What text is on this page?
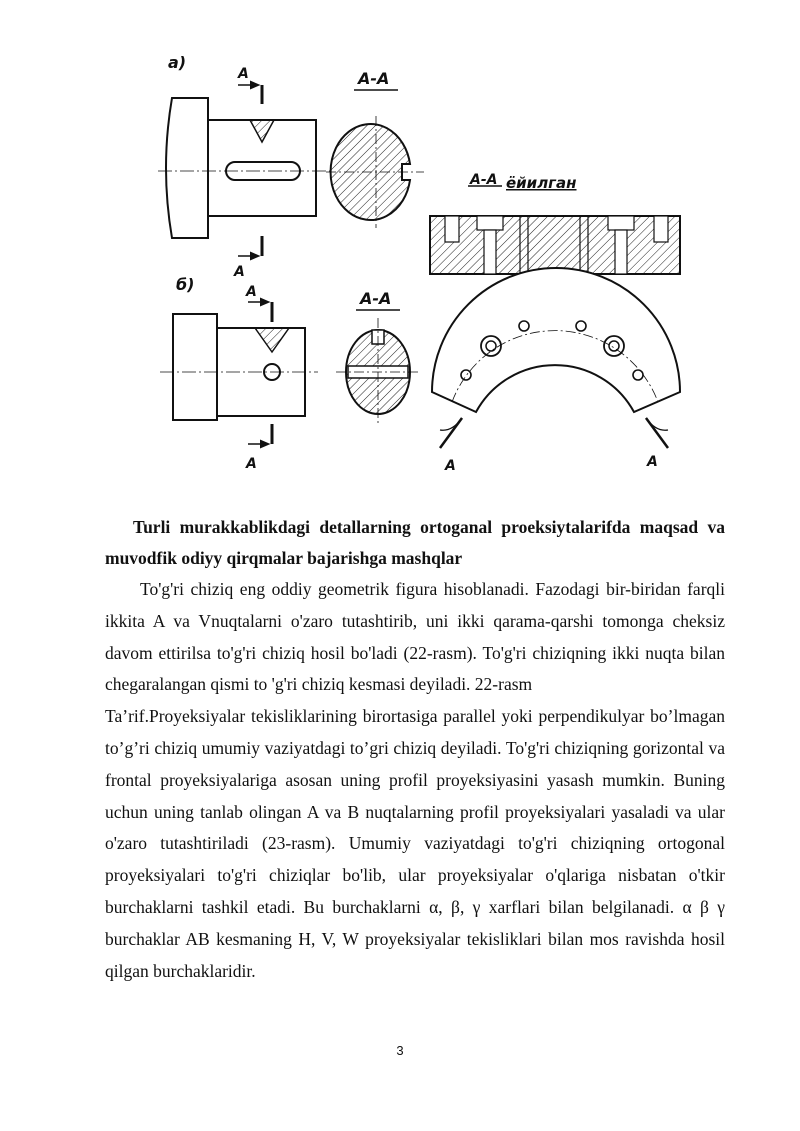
а)
А
А
А-А
б)	А
А
А-А
А-А ёйилган
А	А

Turli murakkablikdagi detallarning ortoganal proeksiytalarifda maqsad va muvodfik odiyy qirqmalar bajarishga mashqlar

To'g'ri chiziq eng oddiy geometrik figura hisoblanadi. Fazodagi bir-biridan farqli ikkita A va Vnuqtalarni o'zaro tutashtirib, uni ikki qarama-qarshi tomonga cheksiz davom ettirilsa to'g'ri chiziq hosil bo'ladi (22-rasm). To'g'ri chiziqning ikki nuqta bilan chegaralangan qismi to 'g'ri chiziq kesmasi deyiladi. 22-rasm

Ta’rif.Proyeksiyalar tekisliklarining birortasiga parallel yoki perpendikulyar bo’lmagan to’g’ri chiziq umumiy vaziyatdagi to’gri chiziq deyiladi. To'g'ri chiziqning gorizontal va frontal proyeksiyalariga asosan uning profil proyeksiyasini yasash mumkin. Buning uchun uning tanlab olingan A va B nuqtalarning profil proyeksiyalari yasaladi va ular o'zaro tutashtiriladi (23-rasm). Umumiy vaziyatdagi to'g'ri chiziqning ortogonal proyeksiyalari to'g'ri chiziqlar bo'lib, ular proyeksiyalar o'qlariga nisbatan o'tkir burchaklarni tashkil etadi. Bu burchaklarni α, β, γ xarflari bilan belgilanadi. α β γ burchaklar AB kesmaning H, V, W proyeksiyalar tekisliklari bilan mos ravishda hosil qilgan burchaklaridir.

3
